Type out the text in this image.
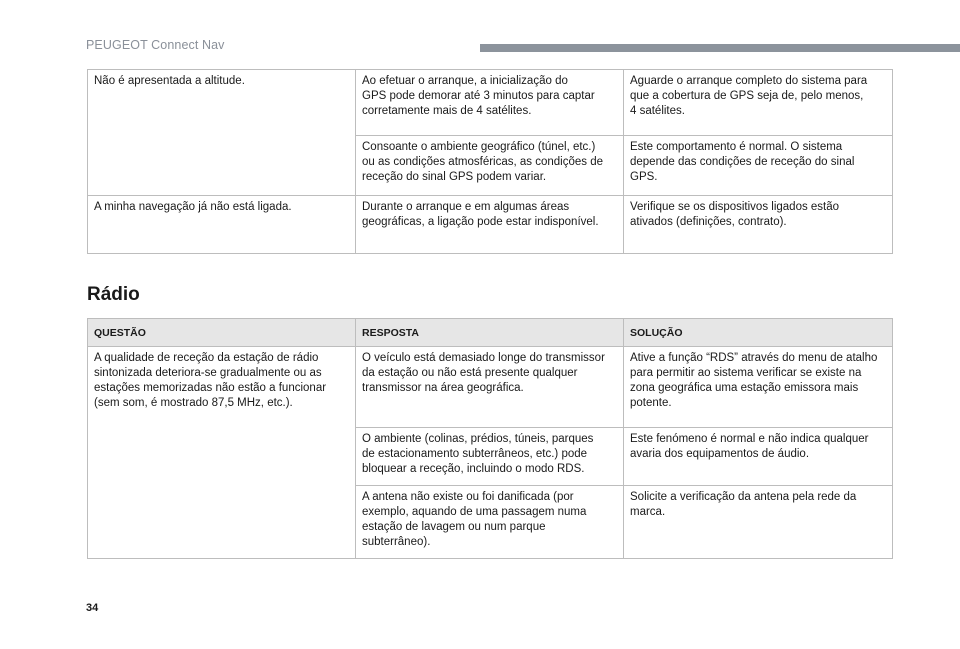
PEUGEOT Connect Nav
Não é apresentada a altitude.	Ao efetuar o arranque, a inicialização do
GPS pode demorar até 3 minutos para captar
corretamente mais de 4 satélites.	Aguarde o arranque completo do sistema para
que a cobertura de GPS seja de, pelo menos,
4 satélites.
	Consoante o ambiente geográfico (túnel, etc.)
ou as condições atmosféricas, as condições de
receção do sinal GPS podem variar.	Este comportamento é normal. O sistema
depende das condições de receção do sinal
GPS.
A minha navegação já não está ligada.	Durante o arranque e em algumas áreas
geográficas, a ligação pode estar indisponível.	Verifique se os dispositivos ligados estão
ativados (definições, contrato).
Rádio
QUESTÃO	RESPOSTA	SOLUÇÃO
A qualidade de receção da estação de rádio
sintonizada deteriora-se gradualmente ou as
estações memorizadas não estão a funcionar
(sem som, é mostrado 87,5 MHz, etc.).	O veículo está demasiado longe do transmissor
da estação ou não está presente qualquer
transmissor na área geográfica.	Ative a função “RDS” através do menu de atalho
para permitir ao sistema verificar se existe na
zona geográfica uma estação emissora mais
potente.
	O ambiente (colinas, prédios, túneis, parques
de estacionamento subterrâneos, etc.) pode
bloquear a receção, incluindo o modo RDS.	Este fenómeno é normal e não indica qualquer
avaria dos equipamentos de áudio.
	A antena não existe ou foi danificada (por
exemplo, aquando de uma passagem numa
estação de lavagem ou num parque subterrâneo).	Solicite a verificação da antena pela rede da
marca.
34
